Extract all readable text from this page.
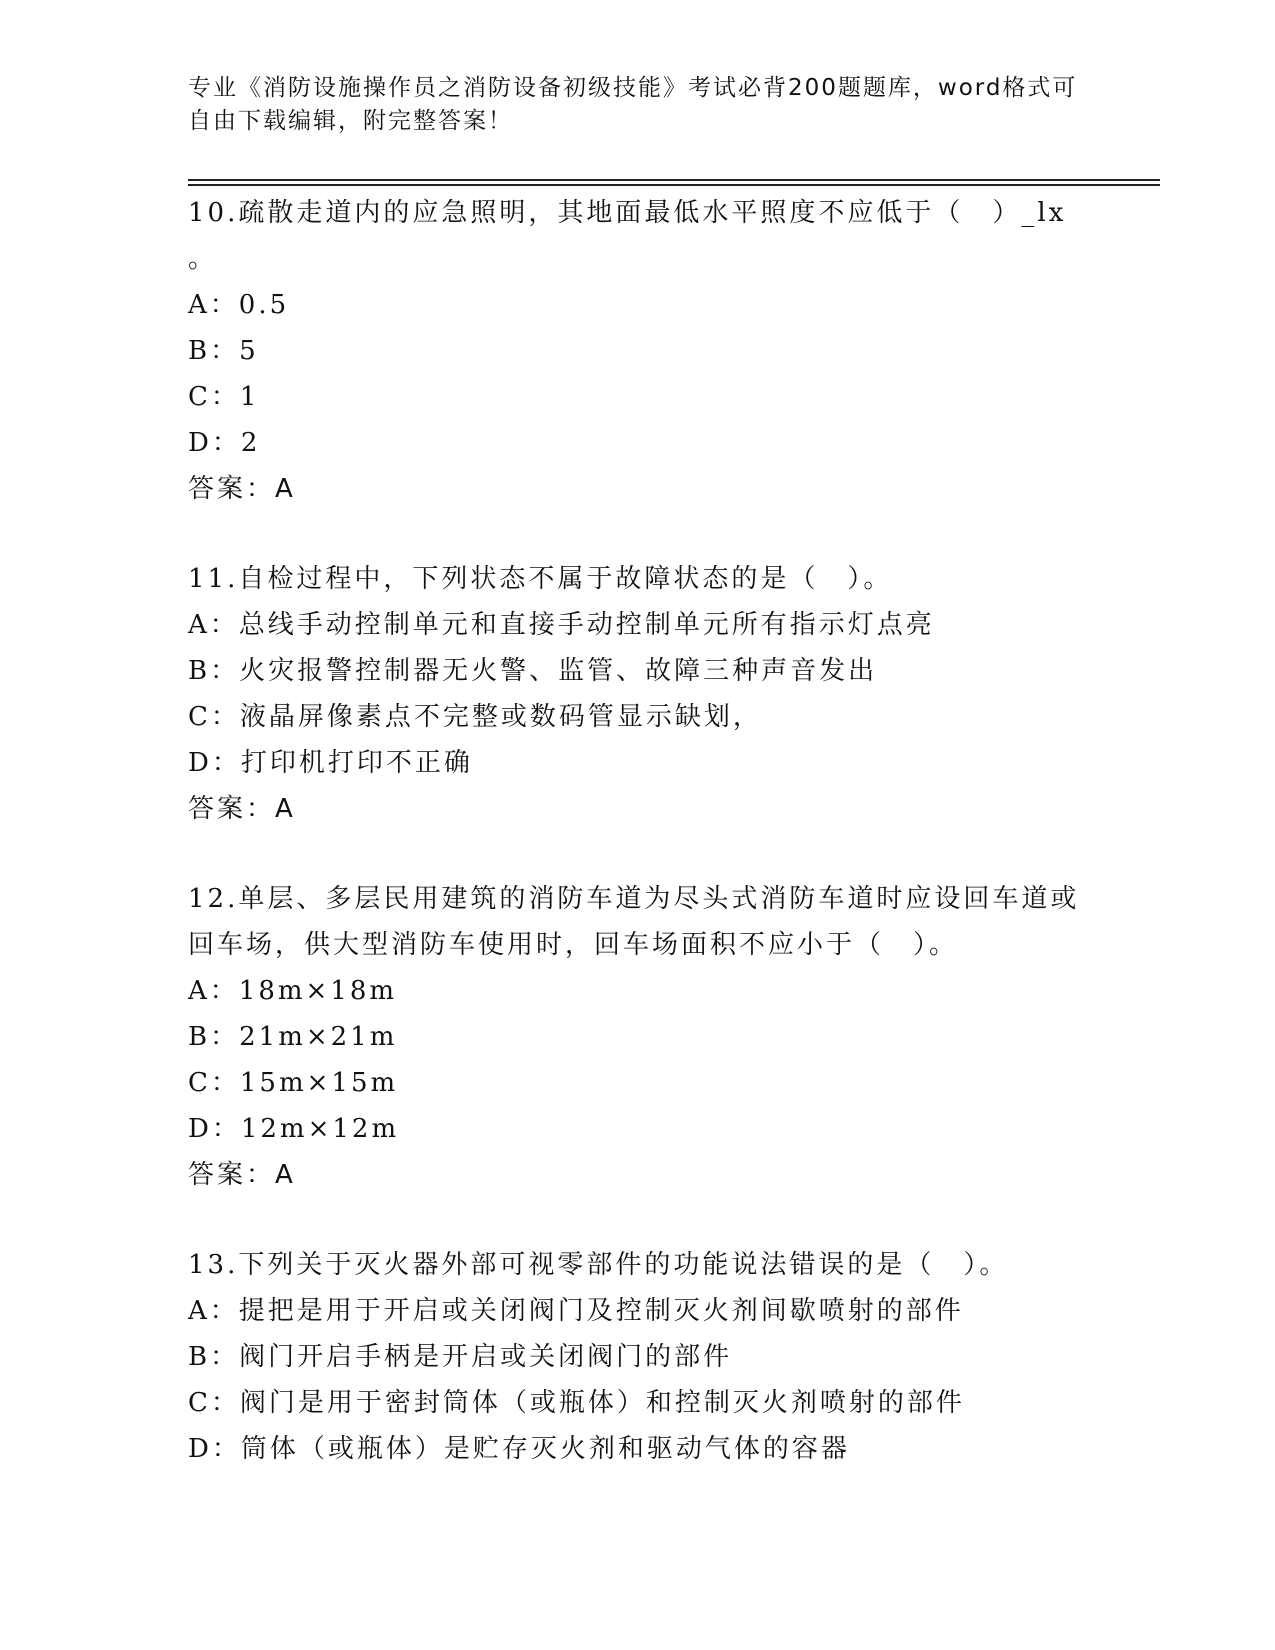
专业《消防设施操作员之消防设备初级技能》考试必背200题题库，word格式可
自由下载编辑，附完整答案！

10.疏散走道内的应急照明，其地面最低水平照度不应低于（　）_lx

。

A：0.5

B：5

C：1

D：2

答案：A

11.自检过程中，下列状态不属于故障状态的是（　）。

A：总线手动控制单元和直接手动控制单元所有指示灯点亮

B：火灾报警控制器无火警、监管、故障三种声音发出

C：液晶屏像素点不完整或数码管显示缺划，

D：打印机打印不正确

答案：A

12.单层、多层民用建筑的消防车道为尽头式消防车道时应设回车道或

回车场，供大型消防车使用时，回车场面积不应小于（　）。

A：18m×18m

B：21m×21m

C：15m×15m

D：12m×12m

答案：A

13.下列关于灭火器外部可视零部件的功能说法错误的是（　）。

A：提把是用于开启或关闭阀门及控制灭火剂间歇喷射的部件

B：阀门开启手柄是开启或关闭阀门的部件

C：阀门是用于密封筒体（或瓶体）和控制灭火剂喷射的部件

D：筒体（或瓶体）是贮存灭火剂和驱动气体的容器
